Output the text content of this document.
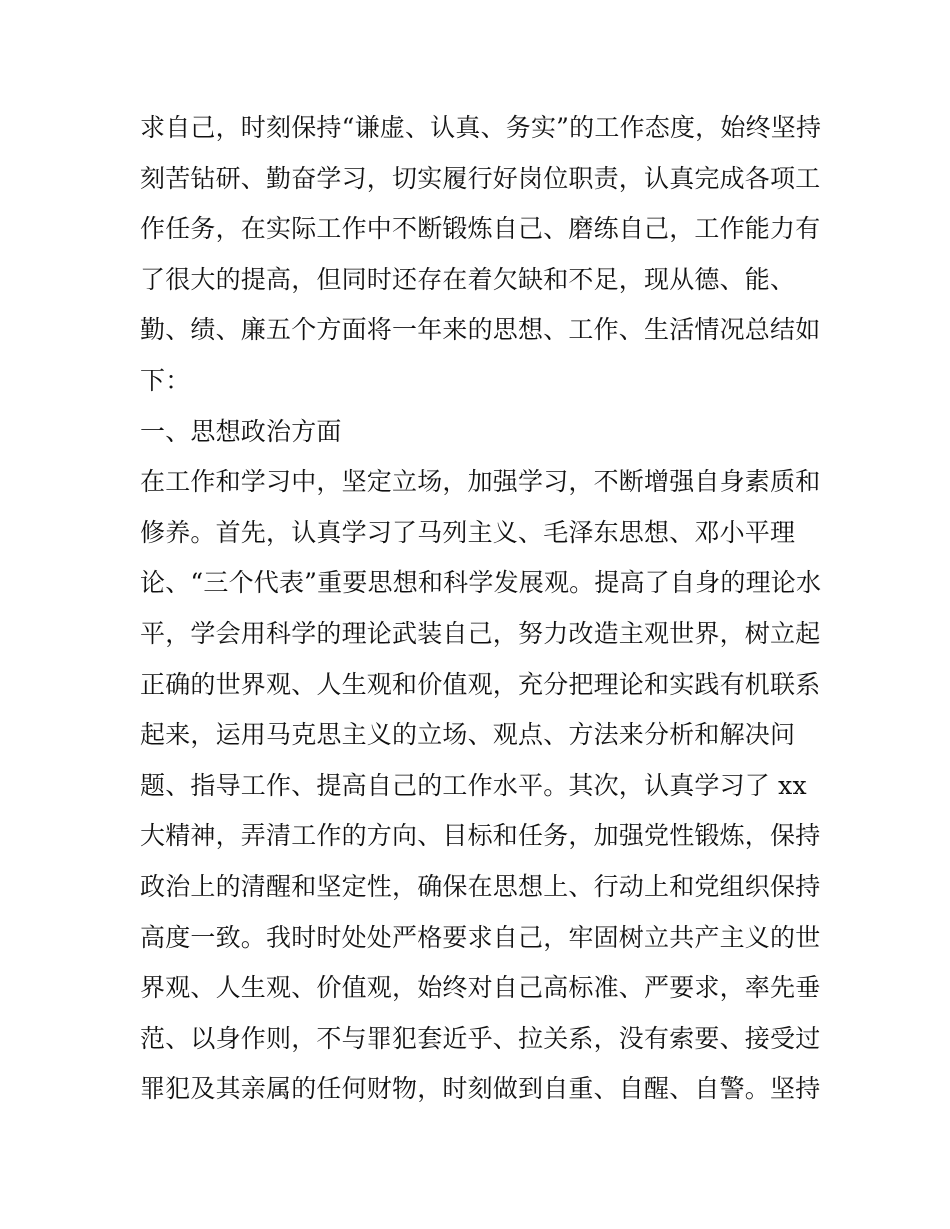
求自己，时刻保持“谦虚、认真、务实”的工作态度，始终坚持
刻苦钻研、勤奋学习，切实履行好岗位职责，认真完成各项工
作任务，在实际工作中不断锻炼自己、磨练自己，工作能力有
了很大的提高，但同时还存在着欠缺和不足，现从德、能、
勤、绩、廉五个方面将一年来的思想、工作、生活情况总结如
下：
一、思想政治方面
在工作和学习中，坚定立场，加强学习，不断增强自身素质和
修养。首先，认真学习了马列主义、毛泽东思想、邓小平理
论、“三个代表”重要思想和科学发展观。提高了自身的理论水
平，学会用科学的理论武装自己，努力改造主观世界，树立起
正确的世界观、人生观和价值观，充分把理论和实践有机联系
起来，运用马克思主义的立场、观点、方法来分析和解决问
题、指导工作、提高自己的工作水平。其次，认真学习了 xx
大精神，弄清工作的方向、目标和任务，加强党性锻炼，保持
政治上的清醒和坚定性，确保在思想上、行动上和党组织保持
高度一致。我时时处处严格要求自己，牢固树立共产主义的世
界观、人生观、价值观，始终对自己高标准、严要求，率先垂
范、以身作则，不与罪犯套近乎、拉关系，没有索要、接受过
罪犯及其亲属的任何财物，时刻做到自重、自醒、自警。坚持
